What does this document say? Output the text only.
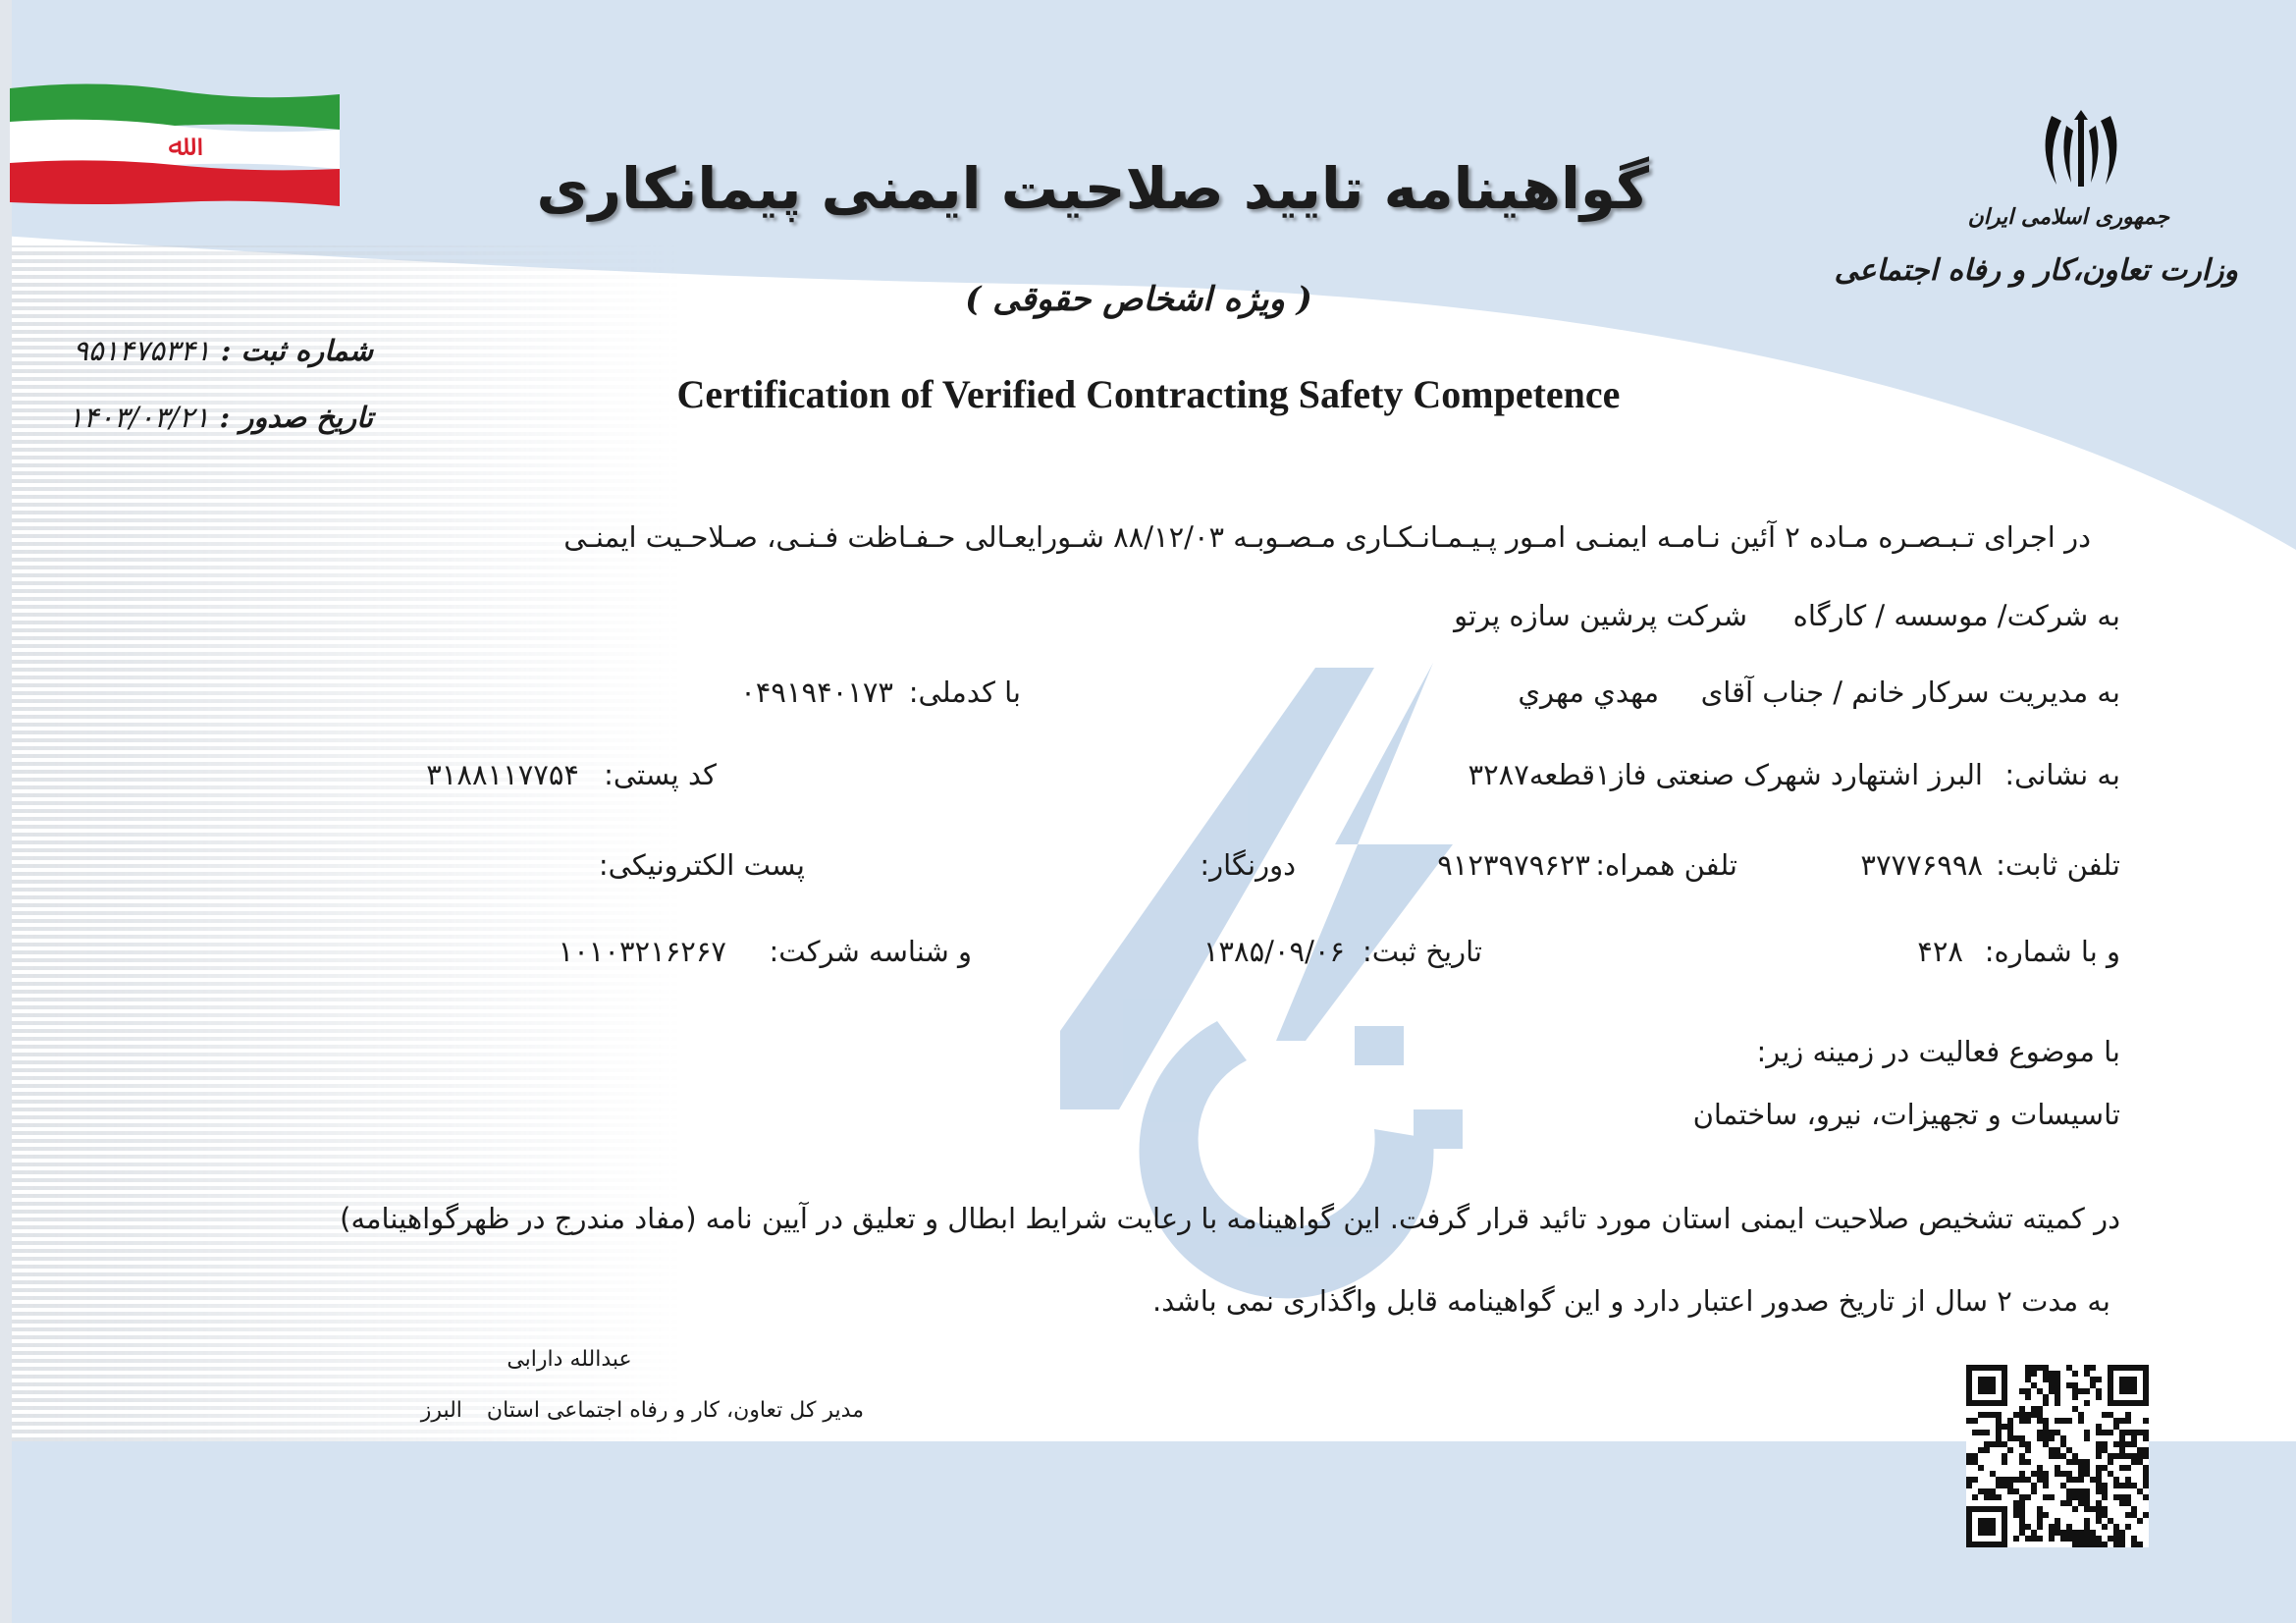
ﷲ
جمهوری اسلامی ایران
وزارت تعاون،کار و رفاه اجتماعی
گواهینامه تایید صلاحیت ایمنی پیمانکاری
( ویژه اشخاص حقوقی )
Certification of Verified Contracting Safety Competence
شماره ثبت : ۹۵۱۴۷۵۳۴۱
تاریخ صدور : ۱۴۰۳/۰۳/۲۱
در اجرای تـبـصـره مـاده ۲ آئین نـامـه ایمنـی امـور پـیـمـانـکـاری مـصـوبـه ۸۸/۱۲/۰۳ شـورایعـالی حـفـاظت فـنـی، صـلاحـیت ایمنـی
به شرکت/ موسسه / کارگاه
شرکت پرشین سازه پرتو
به مدیریت سرکار خانم / جناب آقای
مهدي مهري
با کدملی:
۰۴۹۱۹۴۰۱۷۳
به نشانی:
البرز اشتهارد شهرک صنعتی فاز۱قطعه۳۲۸۷
کد پستی:
۳۱۸۸۱۱۷۷۵۴
تلفن ثابت:
۳۷۷۷۶۹۹۸
تلفن همراه:
۹۱۲۳۹۷۹۶۲۳
دورنگار:
پست الکترونیکی:
و با شماره:
۴۲۸
تاریخ ثبت:
۱۳۸۵/۰۹/۰۶
و شناسه شرکت:
۱۰۱۰۳۲۱۶۲۶۷
با موضوع فعالیت در زمینه زیر:
تاسیسات و تجهیزات، نیرو، ساختمان
در کمیته تشخیص صلاحیت ایمنی استان مورد تائید قرار گرفت. این گواهینامه با رعایت شرایط ابطال و تعلیق در آیین نامه (مفاد مندرج در ظهرگواهینامه)
به مدت ۲ سال از تاریخ صدور اعتبار دارد و این گواهینامه قابل واگذاری نمی باشد.
عبدالله دارابی
مدیر کل تعاون، کار و رفاه اجتماعی استان البرز
